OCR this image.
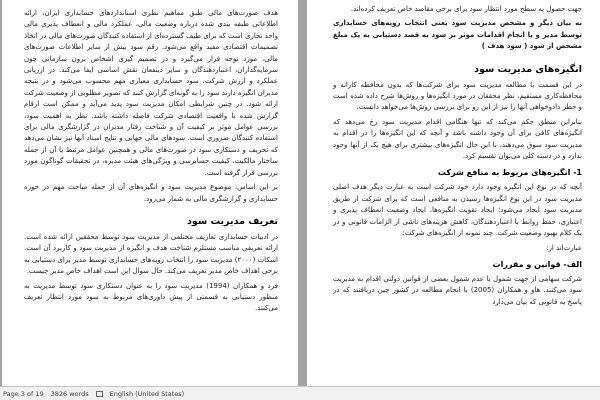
هدف صورت‌های مالی طبق مفاهیم نظری استانداردهای حسابداری ایران، ارائه اطلاعاتی طبقه بندی شده درباره وضعیت مالی، عملکرد مالی و انعطاف پذیری مالی واحد تجاری است که برای طیف گسترده‌ای از استفاده کنندگان صورت‌های مالی در اتخاذ تصمیمات اقتصادی مفید واقع می‌شود. رقم سود بیش از سایر اطلاعات صورت‌های مالی، مورد توجه قرار می‌گیرد و در تصمیم گیری اشخاص برون سازمانی چون سرمایه‌گذاران، اعتباردهندگان و سایر ذینفعان نقش اساسی ایفا می‌کند. در ارزیابی عملکرد و ارزش شرکت، سود حسابداری معیاری مهم محسوب می‌شود و در نتیجه مدیران انگیزه دارند سود را به گونه‌ای گزارش کنند که تصویر مطلوبی از وضعیت شرکت ارائه شود. در چنین شرایطی امکان مدیریت سود پدید می‌آید و ممکن است ارقام گزارش شده با واقعیت اقتصادی شرکت فاصله داشته باشد. نظر به اهمیت سود، بررسی عوامل موثر بر کیفیت آن و شناخت رفتار مدیران در گزارشگری مالی برای استفاده کنندگان ضروری است. سودهای مالی جهانی و نتایج اسناد آنها نیز نشان می‌دهد که تحریف و دستکاری سود در صورت‌های مالی و همچنین عوامل مرتبط با آن از جمله ساختار مالکیت، کیفیت حسابرسی و ویژگی‌های هیئت مدیره، در تحقیقات گوناگون مورد بررسی قرار گرفته است.

بر این اساس، موضوع مدیریت سود و انگیزه‌های آن از جمله مباحث مهم در حوزه حسابداری و گزارشگری مالی به شمار می‌رود.

تعریف مدیریت سود

در ادبیات حسابداری تعاریف مختلفی از مدیریت سود توسط محققین ارائه شده است. ارائه تعریفی مناسب مستلزم شناخت هدف و انگیزه از مدیریت سود و کاربرد آن است. اسکات (۲۰۰۰) مدیریت سود را انتخاب رویه‌های حسابداری توسط مدیر برای دستیابی به برخی اهداف خاص مدیر تعریف می‌کند. حال سوال این است اهداف خاص مدیر چیست.

فرد و همکاران (1994) مدیریت سود را به عنوان دستکاری سود توسط مدیریت به منظور دستیابی به قسمتی از پیش داوری‌های مربوط به سود مورد انتظار تعریف می‌کنند.

جهت حصول به سطح مورد انتظار سود برای برخی مقاصد خاص تعریف کرده‌اند.

به بیان دیگر و مشخص مدیریت سود یعنی انتخاب رویه‌های حسابداری توسط مدیر و یا انجام اقدامات موثر بر سود به قصد دستیابی به یک مبلغ مشخص از سود ( سود هدف )

انگیزه‌های مدیریت سود

در این قسمت با مطالعه مدیریت سود برای شرکت‌ها که بدون محافظه کارانه و محافظه‌کاری مستقیم، نظر محققان در مورد انگیزه‌ها و روش‌ها شرح داده شده است و خطر دادوخواهی آنها را نیز از این رو برای بررسی روش‌ها می‌خواهد دانست.

بنابراین منطق حکم می‌کند که تنها هنگامی اقدام مدیریت سود رخ می‌دهد که انگیزه‌های کافی برای آن وجود داشته باشد و آنچه که این انگیزه‌ها را در اقدام به مدیریت سود سوق می‌دهند، با این حال انگیزه‌های بیشتری برای هیچ یک از آنها وجود ندارد و در دسته کلی می‌توان تقسیم کرد.

1- انگیزه‌های مربوط به منافع شرکت

آنچه که در نوع این انگیزه وجود دارد خود شرکت است به عبارت دیگر هدف اصلی مدیریت سود در این نوع انگیزه‌ها رسیدن به منافعی است که برای شرکت از طریق مدیریت سود ایجاد می‌شود؛ ایجاد تقویت انگیزه‌ها، ایجاد وضعیت انعطاف پذیری و اعتباری، حفظ روابط با اعتباردهندگان، کاهش هزینه‌های ناشی از الزامات قانونی و در یک کلام بهبود وضعیت شرکت. چند نمونه از انگیزه‌های شرکت:

عبارت‌اند از:

الف- قوانین و مقررات

شرکت سهامی از جهت شمول یا عدم شمول بعضی از قوانین دولتی اقدام به مدیریت سود می‌کنند. هاو و همکاران (2005) با انجام مطالعه در کشور چین دریافتند که در پاسخ به قانونی که بیان می‌دارد

Page 3 of 19 3826 words	English (United States)
